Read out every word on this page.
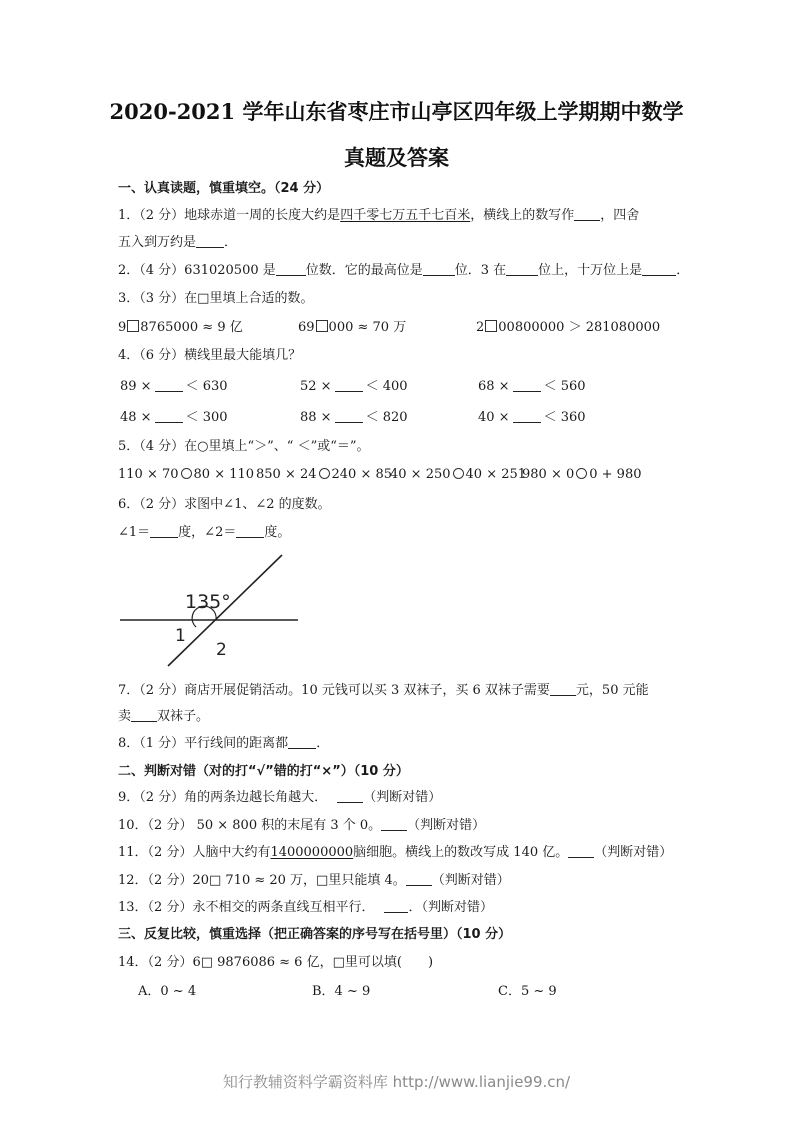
2020-2021 学年山东省枣庄市山亭区四年级上学期期中数学
真题及答案
一、认真读题，慎重填空。（24 分）
1．（2 分）地球赤道一周的长度大约是四千零七万五千七百米，横线上的数写作 ，四舍
五入到万约是 ．
2．（4 分）631020500 是 位数．它的最高位是 位．3 在 位上，十万位上是	．
3．（3 分）在□里填上合适的数。
9 8765000 ≈ 9 亿	69 000 ≈ 70 万	2 00800000 ＞ 281080000
4．（6 分）横线里最大能填几？
89 ×	＜ 630	52 ×	＜ 400	68 ×	＜ 560
48 ×	＜ 300	88 ×	＜ 820	40 ×	＜ 360
5．（4 分）在○里填上“＞”、“ ＜”或“＝”。
110 × 70 80 × 110 850 × 24 240 × 85
40 × 250 40 × 251
980 × 0 0 + 980
6．（2 分）求图中∠1、∠2 的度数。
∠1＝ 度，∠2＝ 度。
135°
1
2
7．（2 分）商店开展促销活动。10 元钱可以买 3 双袜子，买 6 双袜子需要 元，50 元能
卖 双袜子。
8．（1 分）平行线间的距离都 ．
二、判断对错（对的打“√”错的打“×”）（10 分）
9．（2 分）角的两条边越长角越大．	（判断对错）
10．（2 分） 50 × 800 积的末尾有 3 个 0。 （判断对错）
11．（2 分）人脑中大约有1400000000脑细胞。横线上的数改写成 140 亿。 （判断对错）
12．（2 分）20□ 710 ≈ 20 万，□里只能填 4。 （判断对错）
13．（2 分）永不相交的两条直线互相平行．	．（判断对错）
三、反复比较，慎重选择（把正确答案的序号写在括号里）（10 分）
14．（2 分）6□ 9876086 ≈ 6 亿，□里可以填(　　)
A．0 ~ 4	B．4 ~ 9	C．5 ~ 9
知行教辅资料学霸资料库 http://www.lianjie99.cn/
